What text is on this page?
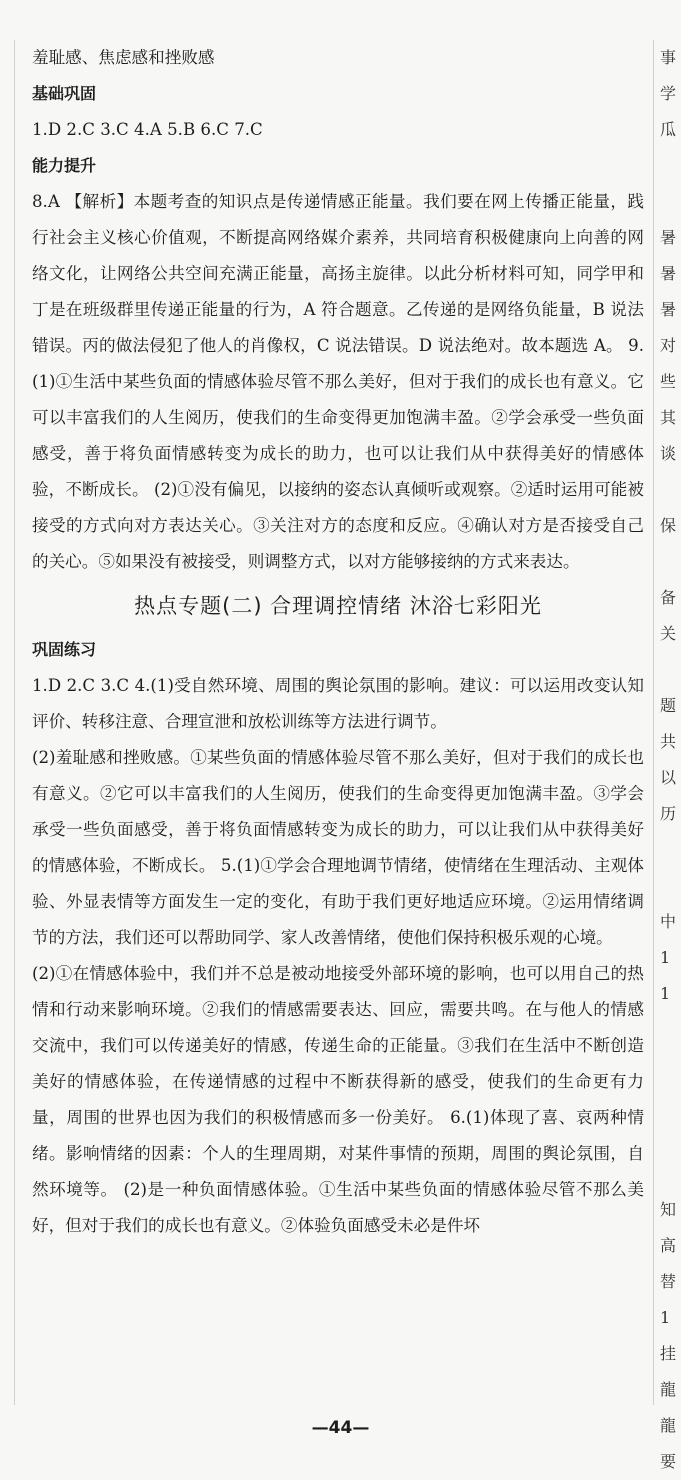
羞耻感、焦虑感和挫败感

基础巩固

1.D 2.C 3.C 4.A 5.B 6.C 7.C

能力提升

8.A 【解析】本题考查的知识点是传递情感正能量。我们要在网上传播正能量，践行社会主义核心价值观，不断提高网络媒介素养，共同培育积极健康向上向善的网络文化，让网络公共空间充满正能量，高扬主旋律。以此分析材料可知，同学甲和丁是在班级群里传递正能量的行为，A 符合题意。乙传递的是网络负能量，B 说法错误。丙的做法侵犯了他人的肖像权，C 说法错误。D 说法绝对。故本题选 A。 9.(1)①生活中某些负面的情感体验尽管不那么美好，但对于我们的成长也有意义。它可以丰富我们的人生阅历，使我们的生命变得更加饱满丰盈。②学会承受一些负面感受，善于将负面情感转变为成长的助力，也可以让我们从中获得美好的情感体验，不断成长。 (2)①没有偏见，以接纳的姿态认真倾听或观察。②适时运用可能被接受的方式向对方表达关心。③关注对方的态度和反应。④确认对方是否接受自己的关心。⑤如果没有被接受，则调整方式，以对方能够接纳的方式来表达。

热点专题(二) 合理调控情绪 沐浴七彩阳光

巩固练习

1.D 2.C 3.C 4.(1)受自然环境、周围的舆论氛围的影响。建议：可以运用改变认知评价、转移注意、合理宣泄和放松训练等方法进行调节。

(2)羞耻感和挫败感。①某些负面的情感体验尽管不那么美好，但对于我们的成长也有意义。②它可以丰富我们的人生阅历，使我们的生命变得更加饱满丰盈。③学会承受一些负面感受，善于将负面情感转变为成长的助力，可以让我们从中获得美好的情感体验，不断成长。 5.(1)①学会合理地调节情绪，使情绪在生理活动、主观体验、外显表情等方面发生一定的变化，有助于我们更好地适应环境。②运用情绪调节的方法，我们还可以帮助同学、家人改善情绪，使他们保持积极乐观的心境。

(2)①在情感体验中，我们并不总是被动地接受外部环境的影响，也可以用自己的热情和行动来影响环境。②我们的情感需要表达、回应，需要共鸣。在与他人的情感交流中，我们可以传递美好的情感，传递生命的正能量。③我们在生活中不断创造美好的情感体验，在传递情感的过程中不断获得新的感受，使我们的生命更有力量，周围的世界也因为我们的积极情感而多一份美好。 6.(1)体现了喜、哀两种情绪。影响情绪的因素：个人的生理周期，对某件事情的预期，周围的舆论氛围，自然环境等。 (2)是一种负面情感体验。①生活中某些负面的情感体验尽管不那么美好，但对于我们的成长也有意义。②体验负面感受未必是件坏

事
学
瓜
暑
暑
暑
对
些
其
谈
保
备
关
题
共
以
历
中
1
1
知
高
替
1
挂
龍
龍
要
—44—
